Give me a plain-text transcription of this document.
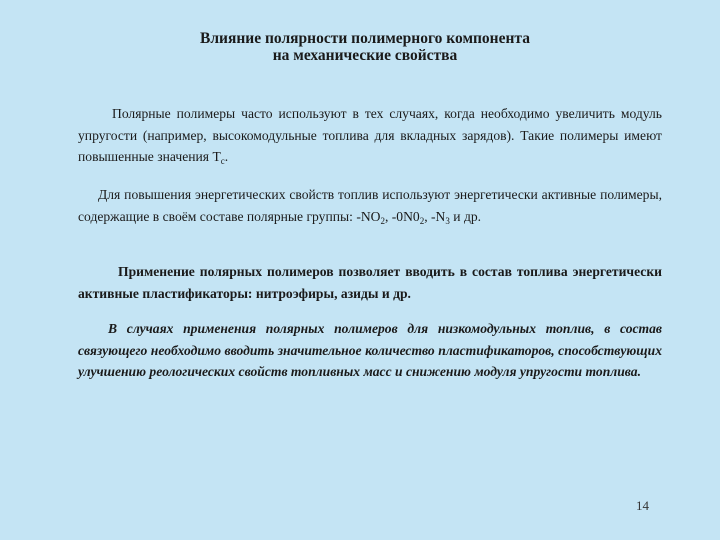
Влияние полярности полимерного компонента
на механические свойства
Полярные полимеры часто используют в тех случаях, когда необходимо увеличить модуль упругости (например, высокомодульные топлива для вкладных зарядов). Такие полимеры имеют повышенные значения $T_c$.
Для повышения энергетических свойств топлив используют энергетически активные полимеры, содержащие в своём составе полярные группы: $-NO_2$, $-0N0_2$, $-N_3$ и др.
Применение полярных полимеров позволяет вводить в состав топлива энергетически активные пластификаторы: нитроэфиры, азиды и др.
В случаях применения полярных полимеров для низкомодульных топлив, в состав связующего необходимо вводить значительное количество пластификаторов, способствующих улучшению реологических свойств топливных масс и снижению модуля упругости топлива.
14
